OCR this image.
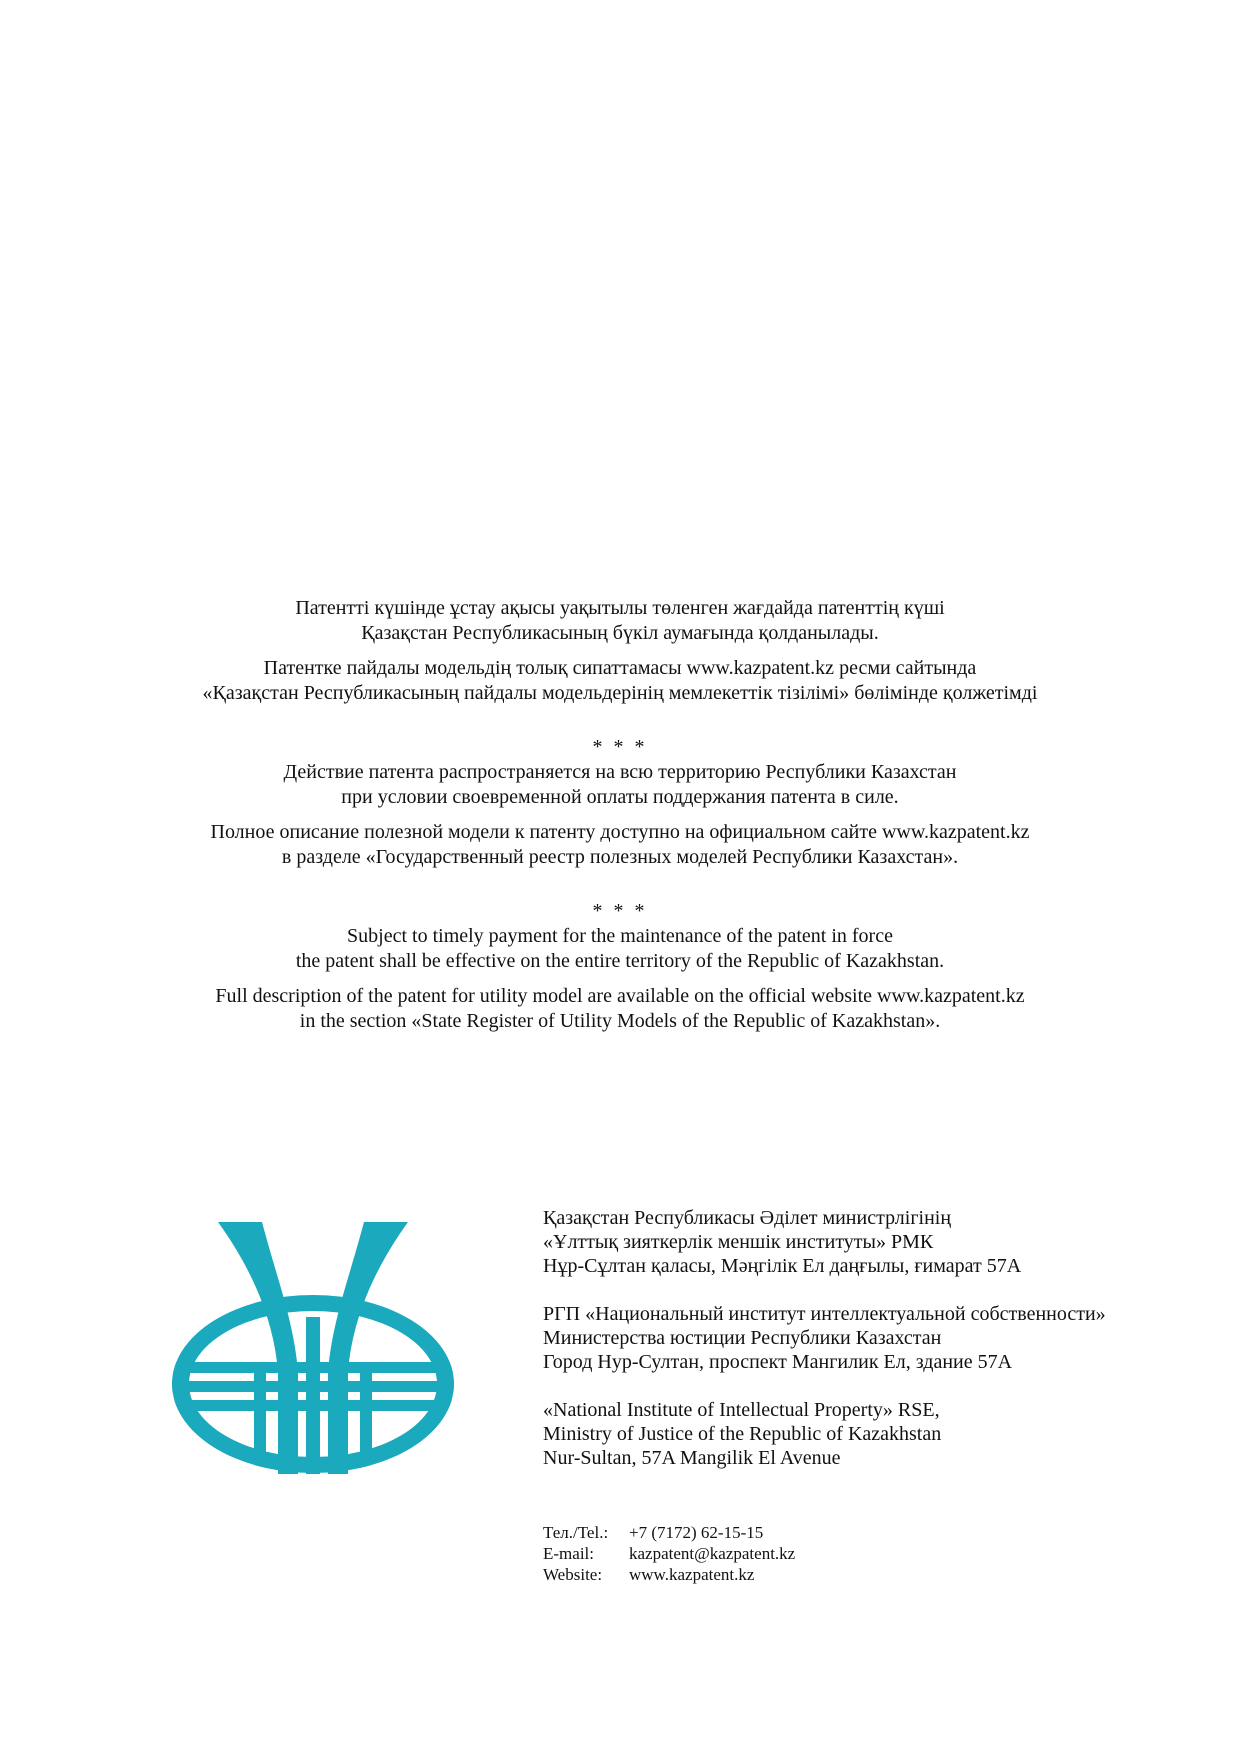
Патентті күшінде ұстау ақысы уақытылы төленген жағдайда патенттің күші

Қазақстан Республикасының бүкіл аумағында қолданылады.

Патентке пайдалы модельдің толық сипаттамасы www.kazpatent.kz ресми сайтында

«Қазақстан Республикасының пайдалы модельдерінің мемлекеттік тізілімі» бөлімінде қолжетімді

* * *

Действие патента распространяется на всю территорию Республики Казахстан

при условии своевременной оплаты поддержания патента в силе.

Полное описание полезной модели к патенту доступно на официальном сайте www.kazpatent.kz

в разделе «Государственный реестр полезных моделей Республики Казахстан».

* * *

Subject to timely payment for the maintenance of the patent in force

the patent shall be effective on the entire territory of the Republic of Kazakhstan.

Full description of the patent for utility model are available on the official website www.kazpatent.kz

in the section «State Register of Utility Models of the Republic of Kazakhstan».

Қазақстан Республикасы Әділет министрлігінің

«Ұлттық зияткерлік меншік институты» РМК

Нұр-Сұлтан қаласы, Мәңгілік Ел даңғылы, ғимарат 57А

РГП «Национальный институт интеллектуальной собственности»

Министерства юстиции Республики Казахстан

Город Нур-Султан, проспект Мангилик Ел, здание 57А

«National Institute of Intellectual Property» RSE,

Ministry of Justice of the Republic of Kazakhstan

Nur-Sultan, 57A Mangilik El Avenue

Тел./Tel.:	+7 (7172) 62-15-15
E-mail:	kazpatent@kazpatent.kz
Website:	www.kazpatent.kz
